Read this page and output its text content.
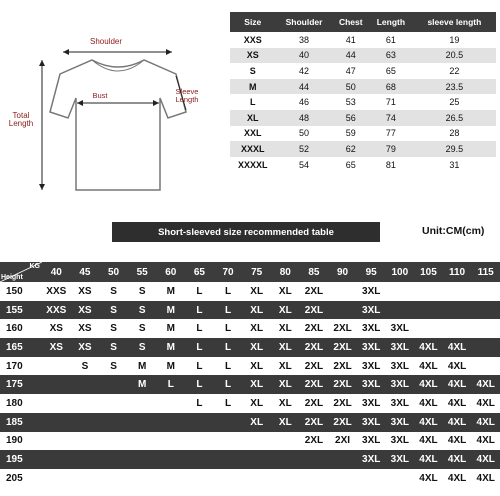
Shoulder
Bust	Sleeve Length
Total Length
Size	Shoulder	Chest	Length	sleeve length
XXS	38	41	61	19
XS	40	44	63	20.5
S	42	47	65	22
M	44	50	68	23.5
L	46	53	71	25
XL	48	56	74	26.5
XXL	50	59	77	28
XXXL	52	62	79	29.5
XXXXL	54	65	81	31
Short-sleeved size recommended table	Unit:CM(cm)
KG
Height	40	45	50	55	60	65	70	75	80	85	90	95	100	105	110	115
150	XXS	XS	S	S	M	L	L	XL	XL	2XL		3XL				
155	XXS	XS	S	S	M	L	L	XL	XL	2XL		3XL				
160	XS	XS	S	S	M	L	L	XL	XL	2XL	2XL	3XL	3XL			
165	XS	XS	S	S	M	L	L	XL	XL	2XL	2XL	3XL	3XL	4XL	4XL	
170		S	S	M	M	L	L	XL	XL	2XL	2XL	3XL	3XL	4XL	4XL	
175				M	L	L	L	XL	XL	2XL	2XL	3XL	3XL	4XL	4XL	4XL
180						L	L	XL	XL	2XL	2XL	3XL	3XL	4XL	4XL	4XL
185								XL	XL	2XL	2XL	3XL	3XL	4XL	4XL	4XL
190										2XL	2XI	3XL	3XL	4XL	4XL	4XL
195												3XL	3XL	4XL	4XL	4XL
205														4XL	4XL	4XL
